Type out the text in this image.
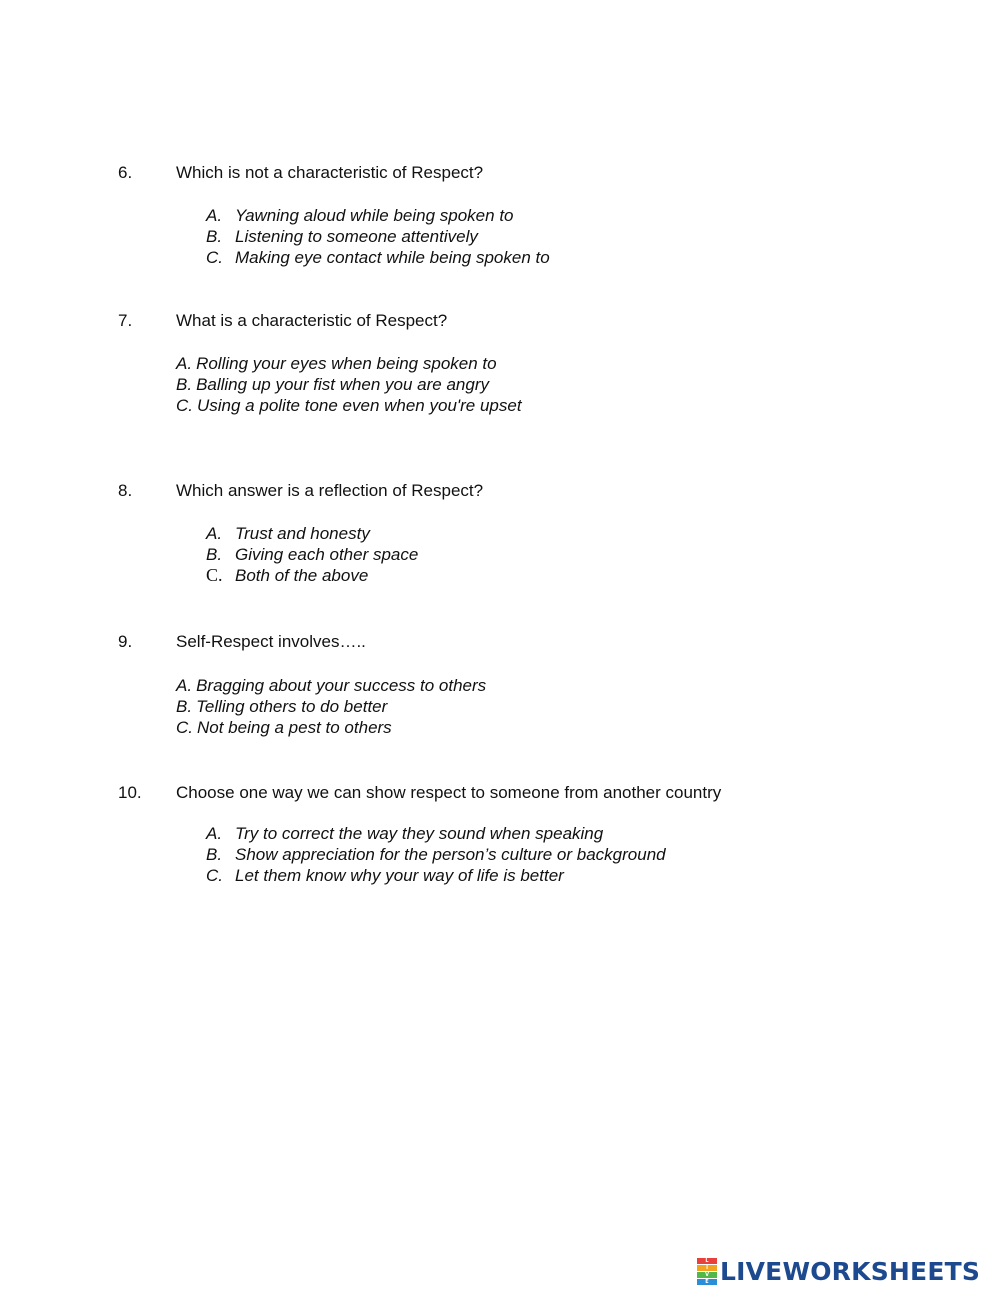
6.	Which is not a characteristic of Respect?
A. Yawning aloud while being spoken to
B. Listening to someone attentively
C. Making eye contact while being spoken to
7.	What is a characteristic of Respect?
A. Rolling your eyes when being spoken to
B. Balling up your fist when you are angry
C. Using a polite tone even when you're upset
8.	Which answer is a reflection of Respect?
A. Trust and honesty
B. Giving each other space
C. Both of the above
9.	Self-Respect involves…..
A. Bragging about your success to others
B. Telling others to do better
C. Not being a pest to others
10. Choose one way we can show respect to someone from another country
A. Try to correct the way they sound when speaking
B. Show appreciation for the person’s culture or background
C. Let them know why your way of life is better
L
I
V
E LIVEWORKSHEETS
